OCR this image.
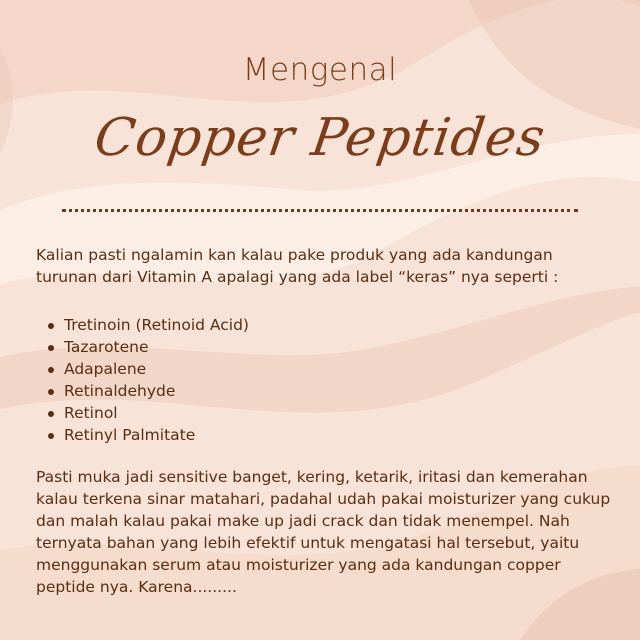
Mengenal
Copper Peptides
Kalian pasti ngalamin kan kalau pake produk yang ada kandungan turunan dari Vitamin A apalagi yang ada label “keras” nya seperti :
Tretinoin (Retinoid Acid)
Tazarotene
Adapalene
Retinaldehyde
Retinol
Retinyl Palmitate
Pasti muka jadi sensitive banget, kering, ketarik, iritasi dan kemerahan kalau terkena sinar matahari, padahal udah pakai moisturizer yang cukup dan malah kalau pakai make up jadi crack dan tidak menempel. Nah ternyata bahan yang lebih efektif untuk mengatasi hal tersebut, yaitu menggunakan serum atau moisturizer yang ada kandungan copper peptide nya. Karena.........
